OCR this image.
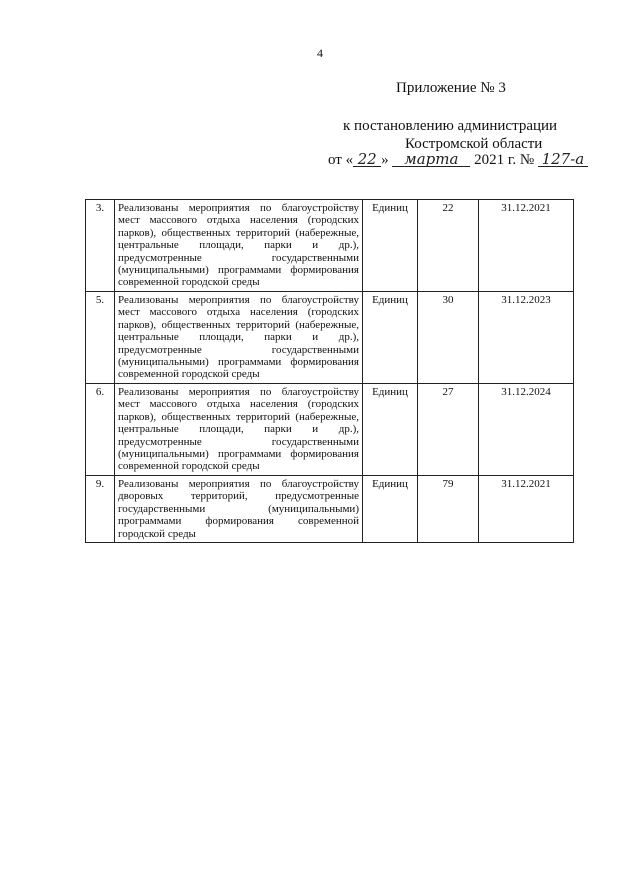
4
Приложение № 3
к постановлению администрации
Костромской области
от « 22 » марта 2021 г. № 127-а
3.	Реализованы мероприятия по благоустройству мест массового отдыха населения (городских парков), общественных территорий (набережные, центральные площади, парки и др.), предусмотренные государственными (муниципальными) программами формирования современной городской среды	Единиц	22	31.12.2021
5.	Реализованы мероприятия по благоустройству мест массового отдыха населения (городских парков), общественных территорий (набережные, центральные площади, парки и др.), предусмотренные государственными (муниципальными) программами формирования современной городской среды	Единиц	30	31.12.2023
6.	Реализованы мероприятия по благоустройству мест массового отдыха населения (городских парков), общественных территорий (набережные, центральные площади, парки и др.), предусмотренные государственными (муниципальными) программами формирования современной городской среды	Единиц	27	31.12.2024
9.	Реализованы мероприятия по благоустройству дворовых территорий, предусмотренные государственными (муниципальными) программами формирования современной городской среды	Единиц	79	31.12.2021
